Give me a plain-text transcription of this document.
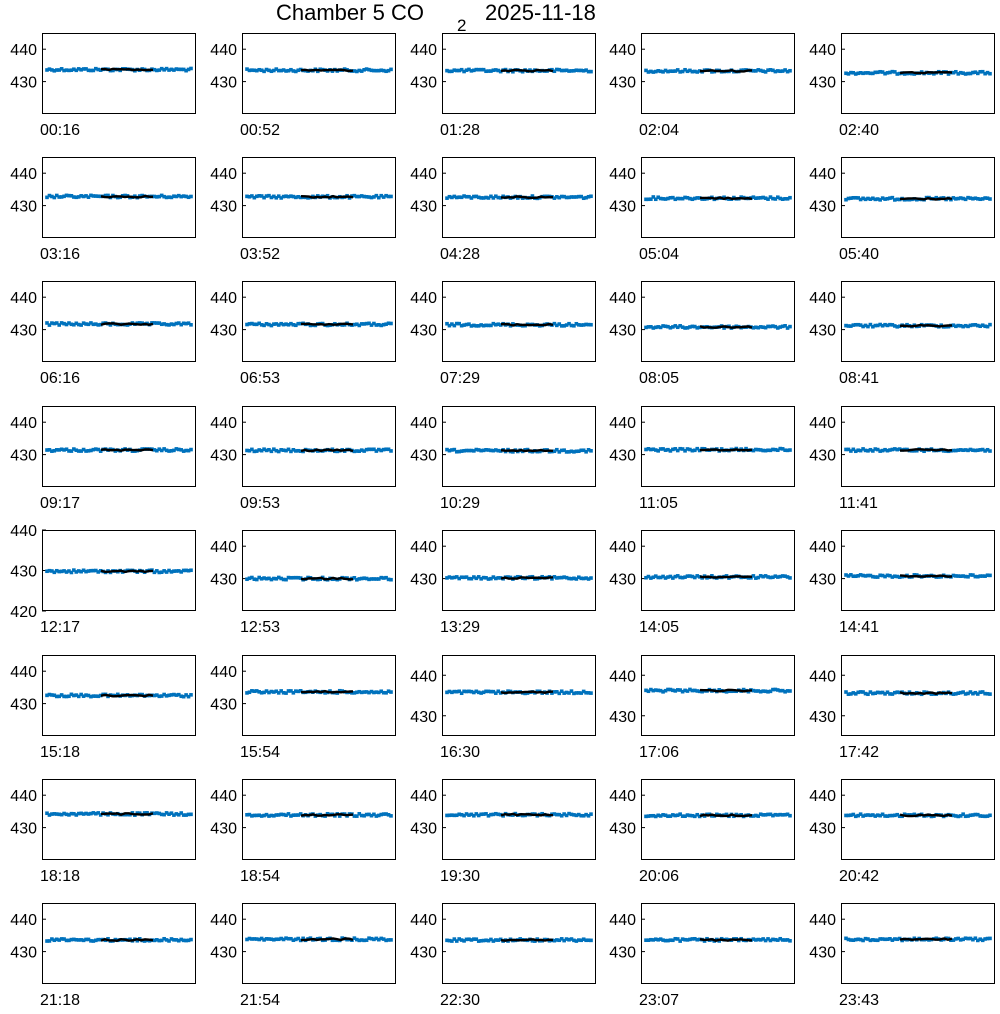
Chamber 5 CO
2
2025-11-18
430
440
00:16
430
440
00:52
430
440
01:28
430
440
02:04
430
440
02:40
430
440
03:16
430
440
03:52
430
440
04:28
430
440
05:04
430
440
05:40
430
440
06:16
430
440
06:53
430
440
07:29
430
440
08:05
430
440
08:41
430
440
09:17
430
440
09:53
430
440
10:29
430
440
11:05
430
440
11:41
420
430
440
12:17
430
440
12:53
430
440
13:29
430
440
14:05
430
440
14:41
430
440
15:18
430
440
15:54
430
440
16:30
430
440
17:06
430
440
17:42
430
440
18:18
430
440
18:54
430
440
19:30
430
440
20:06
430
440
20:42
430
440
21:18
430
440
21:54
430
440
22:30
430
440
23:07
430
440
23:43
